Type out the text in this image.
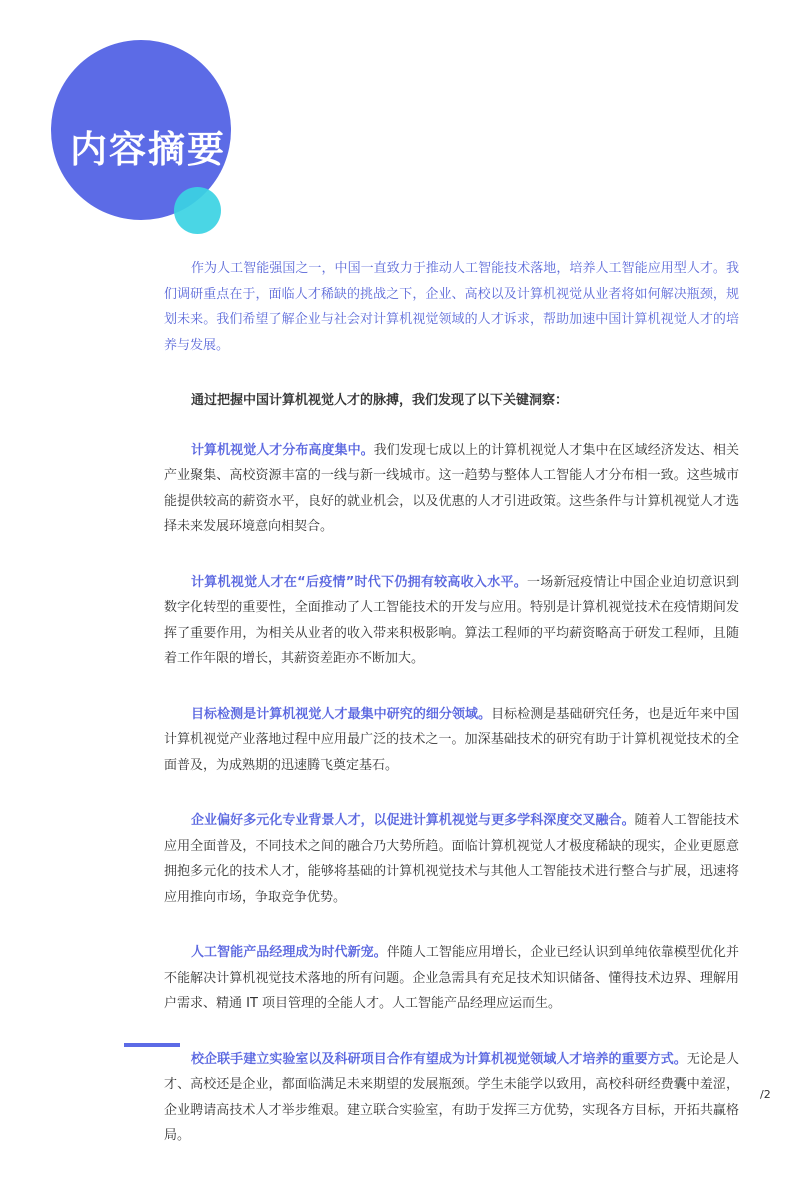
内容摘要

作为人工智能强国之一，中国一直致力于推动人工智能技术落地，培养人工智能应用型人才。我们调研重点在于，面临人才稀缺的挑战之下，企业、高校以及计算机视觉从业者将如何解决瓶颈，规划未来。我们希望了解企业与社会对计算机视觉领域的人才诉求，帮助加速中国计算机视觉人才的培养与发展。

通过把握中国计算机视觉人才的脉搏，我们发现了以下关键洞察：

计算机视觉人才分布高度集中。我们发现七成以上的计算机视觉人才集中在区域经济发达、相关产业聚集、高校资源丰富的一线与新一线城市。这一趋势与整体人工智能人才分布相一致。这些城市能提供较高的薪资水平，良好的就业机会，以及优惠的人才引进政策。这些条件与计算机视觉人才选择未来发展环境意向相契合。

计算机视觉人才在“后疫情”时代下仍拥有较高收入水平。一场新冠疫情让中国企业迫切意识到数字化转型的重要性，全面推动了人工智能技术的开发与应用。特别是计算机视觉技术在疫情期间发挥了重要作用，为相关从业者的收入带来积极影响。算法工程师的平均薪资略高于研发工程师，且随着工作年限的增长，其薪资差距亦不断加大。

目标检测是计算机视觉人才最集中研究的细分领域。目标检测是基础研究任务，也是近年来中国计算机视觉产业落地过程中应用最广泛的技术之一。加深基础技术的研究有助于计算机视觉技术的全面普及，为成熟期的迅速腾飞奠定基石。

企业偏好多元化专业背景人才，以促进计算机视觉与更多学科深度交叉融合。随着人工智能技术应用全面普及，不同技术之间的融合乃大势所趋。面临计算机视觉人才极度稀缺的现实，企业更愿意拥抱多元化的技术人才，能够将基础的计算机视觉技术与其他人工智能技术进行整合与扩展，迅速将应用推向市场，争取竞争优势。

人工智能产品经理成为时代新宠。伴随人工智能应用增长，企业已经认识到单纯依靠模型优化并不能解决计算机视觉技术落地的所有问题。企业急需具有充足技术知识储备、懂得技术边界、理解用户需求、精通 IT 项目管理的全能人才。人工智能产品经理应运而生。

校企联手建立实验室以及科研项目合作有望成为计算机视觉领域人才培养的重要方式。无论是人才、高校还是企业，都面临满足未来期望的发展瓶颈。学生未能学以致用，高校科研经费囊中羞涩，企业聘请高技术人才举步维艰。建立联合实验室，有助于发挥三方优势，实现各方目标，开拓共赢格局。

/2
